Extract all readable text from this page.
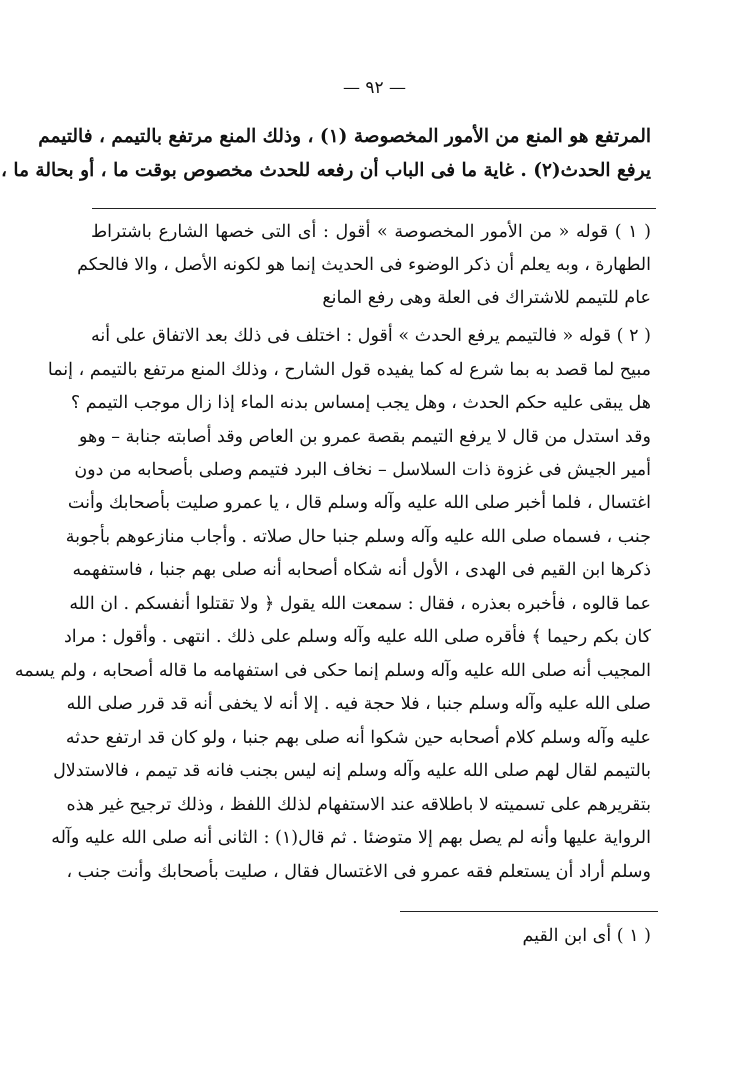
— ٩٢ —
المرتفع هو المنع من الأمور المخصوصة (١) ، وذلك المنع مرتفع بالتيمم ، فالتيمم
يرفع الحدث(٢) . غاية ما فى الباب أن رفعه للحدث مخصوص بوقت ما ، أو بحالة ما ،
( ١ ) قوله « من الأمور المخصوصة » أقول : أى التى خصها الشارع باشتراط
الطهارة ، وبه يعلم أن ذكر الوضوء فى الحديث إنما هو لكونه الأصل ، والا فالحكم
عام للتيمم للاشتراك فى العلة وهى رفع المانع
( ٢ ) قوله « فالتيمم يرفع الحدث » أقول : اختلف فى ذلك بعد الاتفاق على أنه
مبيح لما قصد به بما شرع له كما يفيده قول الشارح ، وذلك المنع مرتفع بالتيمم ، إنما
هل يبقى عليه حكم الحدث ، وهل يجب إمساس بدنه الماء إذا زال موجب التيمم ؟
وقد استدل من قال لا يرفع التيمم بقصة عمرو بن العاص وقد أصابته جنابة – وهو
أمير الجيش فى غزوة ذات السلاسل – نخاف البرد فتيمم وصلى بأصحابه من دون
اغتسال ، فلما أخبر صلى الله عليه وآله وسلم قال ، يا عمرو صليت بأصحابك وأنت
جنب ، فسماه صلى الله عليه وآله وسلم جنبا حال صلاته . وأجاب منازعوهم بأجوبة
ذكرها ابن القيم فى الهدى ، الأول أنه شكاه أصحابه أنه صلى بهم جنبا ، فاستفهمه
عما قالوه ، فأخبره بعذره ، فقال : سمعت الله يقول ﴿ ولا تقتلوا أنفسكم . ان الله
كان بكم رحيما ﴾ فأقره صلى الله عليه وآله وسلم على ذلك . انتهى . وأقول : مراد
المجيب أنه صلى الله عليه وآله وسلم إنما حكى فى استفهامه ما قاله أصحابه ، ولم يسمه
صلى الله عليه وآله وسلم جنبا ، فلا حجة فيه . إلا أنه لا يخفى أنه قد قرر صلى الله
عليه وآله وسلم كلام أصحابه حين شكوا أنه صلى بهم جنبا ، ولو كان قد ارتفع حدثه
بالتيمم لقال لهم صلى الله عليه وآله وسلم إنه ليس بجنب فانه قد تيمم ، فالاستدلال
بتقريرهم على تسميته لا باطلاقه عند الاستفهام لذلك اللفظ ، وذلك ترجيح غير هذه
الرواية عليها وأنه لم يصل بهم إلا متوضئا . ثم قال(١) : الثانى أنه صلى الله عليه وآله
وسلم أراد أن يستعلم فقه عمرو فى الاغتسال فقال ، صليت بأصحابك وأنت جنب ،
( ١ ) أى ابن القيم
